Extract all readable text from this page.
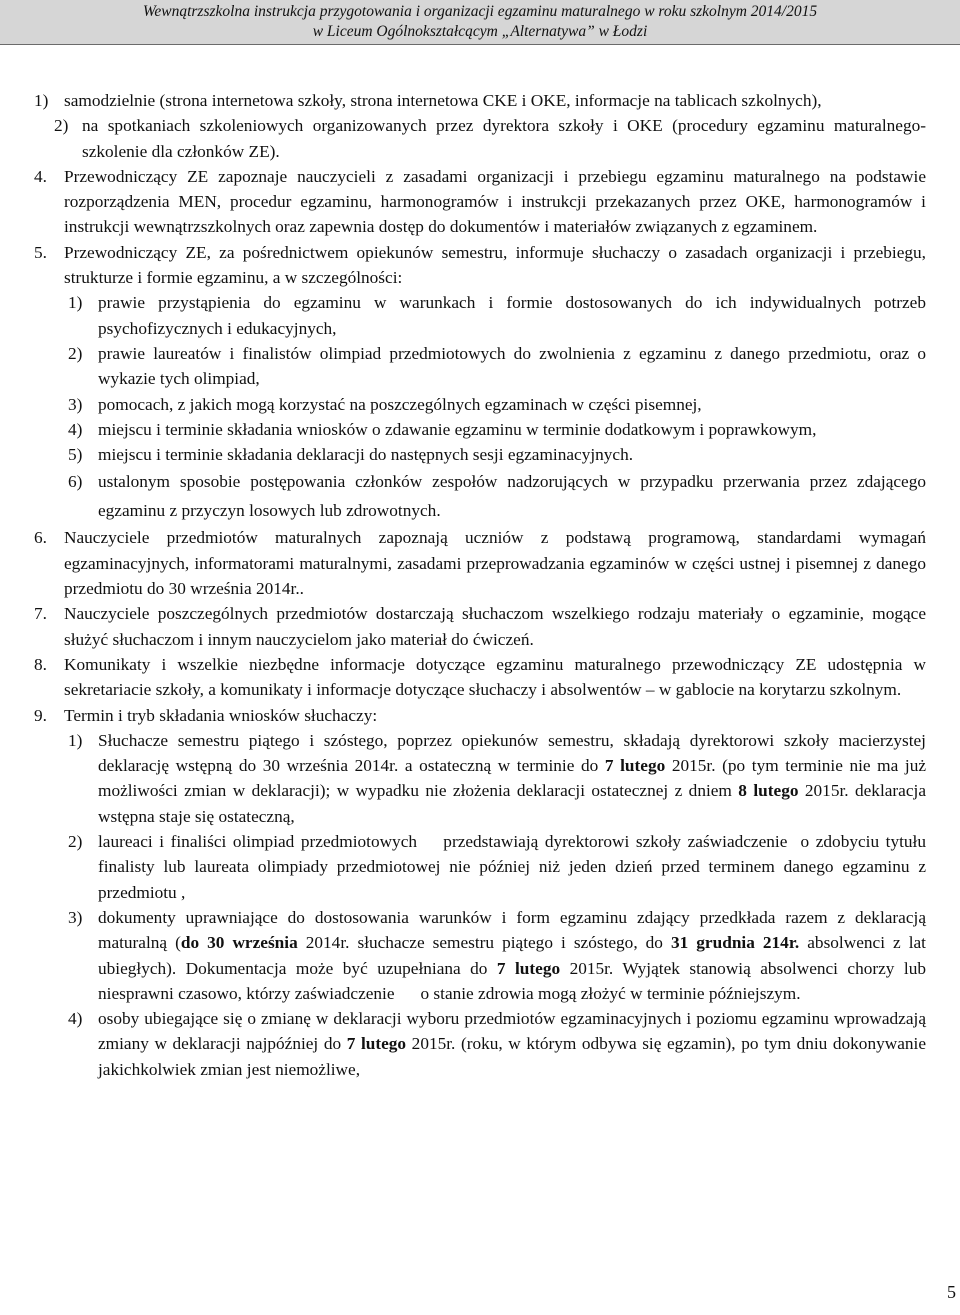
Wewnątrzszkolna instrukcja przygotowania i organizacji egzaminu maturalnego w roku szkolnym 2014/2015
w Liceum Ogólnokształcącym „Alternatywa” w Łodzi
1) samodzielnie (strona internetowa szkoły, strona internetowa CKE i OKE, informacje na tablicach szkolnych),
2) na spotkaniach szkoleniowych organizowanych przez dyrektora szkoły i OKE (procedury egzaminu maturalnego- szkolenie dla członków ZE).
4. Przewodniczący ZE zapoznaje nauczycieli z zasadami organizacji i przebiegu egzaminu maturalnego na podstawie rozporządzenia MEN, procedur egzaminu, harmonogramów i instrukcji przekazanych przez OKE, harmonogramów i instrukcji wewnątrzszkolnych oraz zapewnia dostęp do dokumentów i materiałów związanych z egzaminem.
5. Przewodniczący ZE, za pośrednictwem opiekunów semestru, informuje słuchaczy o zasadach organizacji i przebiegu, strukturze i formie egzaminu, a w szczególności:
1) prawie przystąpienia do egzaminu w warunkach i formie dostosowanych do ich indywidualnych potrzeb psychofizycznych i edukacyjnych,
2) prawie laureatów i finalistów olimpiad przedmiotowych do zwolnienia z egzaminu z danego przedmiotu, oraz o wykazie tych olimpiad,
3) pomocach, z jakich mogą korzystać na poszczególnych egzaminach w części pisemnej,
4) miejscu i terminie składania wniosków o zdawanie egzaminu w terminie dodatkowym i poprawkowym,
5) miejscu i terminie składania deklaracji do następnych sesji egzaminacyjnych.
6) ustalonym sposobie postępowania członków zespołów nadzorujących w przypadku przerwania przez zdającego egzaminu z przyczyn losowych lub zdrowotnych.
6. Nauczyciele przedmiotów maturalnych zapoznają uczniów z podstawą programową, standardami wymagań egzaminacyjnych, informatorami maturalnymi, zasadami przeprowadzania egzaminów w części ustnej i pisemnej z danego przedmiotu do 30 września 2014r..
7. Nauczyciele poszczególnych przedmiotów dostarczają słuchaczom wszelkiego rodzaju materiały o egzaminie, mogące służyć słuchaczom i innym nauczycielom jako materiał do ćwiczeń.
8. Komunikaty i wszelkie niezbędne informacje dotyczące egzaminu maturalnego przewodniczący ZE udostępnia w sekretariacie szkoły, a komunikaty i informacje dotyczące słuchaczy i absolwentów – w gablocie na korytarzu szkolnym.
9. Termin i tryb składania wniosków słuchaczy:
1) Słuchacze semestru piątego i szóstego, poprzez opiekunów semestru, składają dyrektorowi szkoły macierzystej deklarację wstępną do 30 września 2014r. a ostateczną w terminie do 7 lutego 2015r. (po tym terminie nie ma już możliwości zmian w deklaracji); w wypadku nie złożenia deklaracji ostatecznej z dniem 8 lutego 2015r. deklaracja wstępna staje się ostateczną,
2) laureaci i finaliści olimpiad przedmiotowych    przedstawiają dyrektorowi szkoły zaświadczenie  o zdobyciu tytułu finalisty lub laureata olimpiady przedmiotowej nie później niż jeden dzień przed terminem danego egzaminu z przedmiotu ,
3) dokumenty uprawniające do dostosowania warunków i form egzaminu zdający przedkłada razem z deklaracją maturalną (do 30 września 2014r. słuchacze semestru piątego i szóstego, do 31 grudnia 214r. absolwenci z lat ubiegłych). Dokumentacja może być uzupełniana do 7 lutego 2015r. Wyjątek stanowią absolwenci chorzy lub niesprawni czasowo, którzy zaświadczenie      o stanie zdrowia mogą złożyć w terminie późniejszym.
4) osoby ubiegające się o zmianę w deklaracji wyboru przedmiotów egzaminacyjnych i poziomu egzaminu wprowadzają zmiany w deklaracji najpóźniej do 7 lutego 2015r. (roku, w którym odbywa się egzamin), po tym dniu dokonywanie jakichkolwiek zmian jest niemożliwe,
5
